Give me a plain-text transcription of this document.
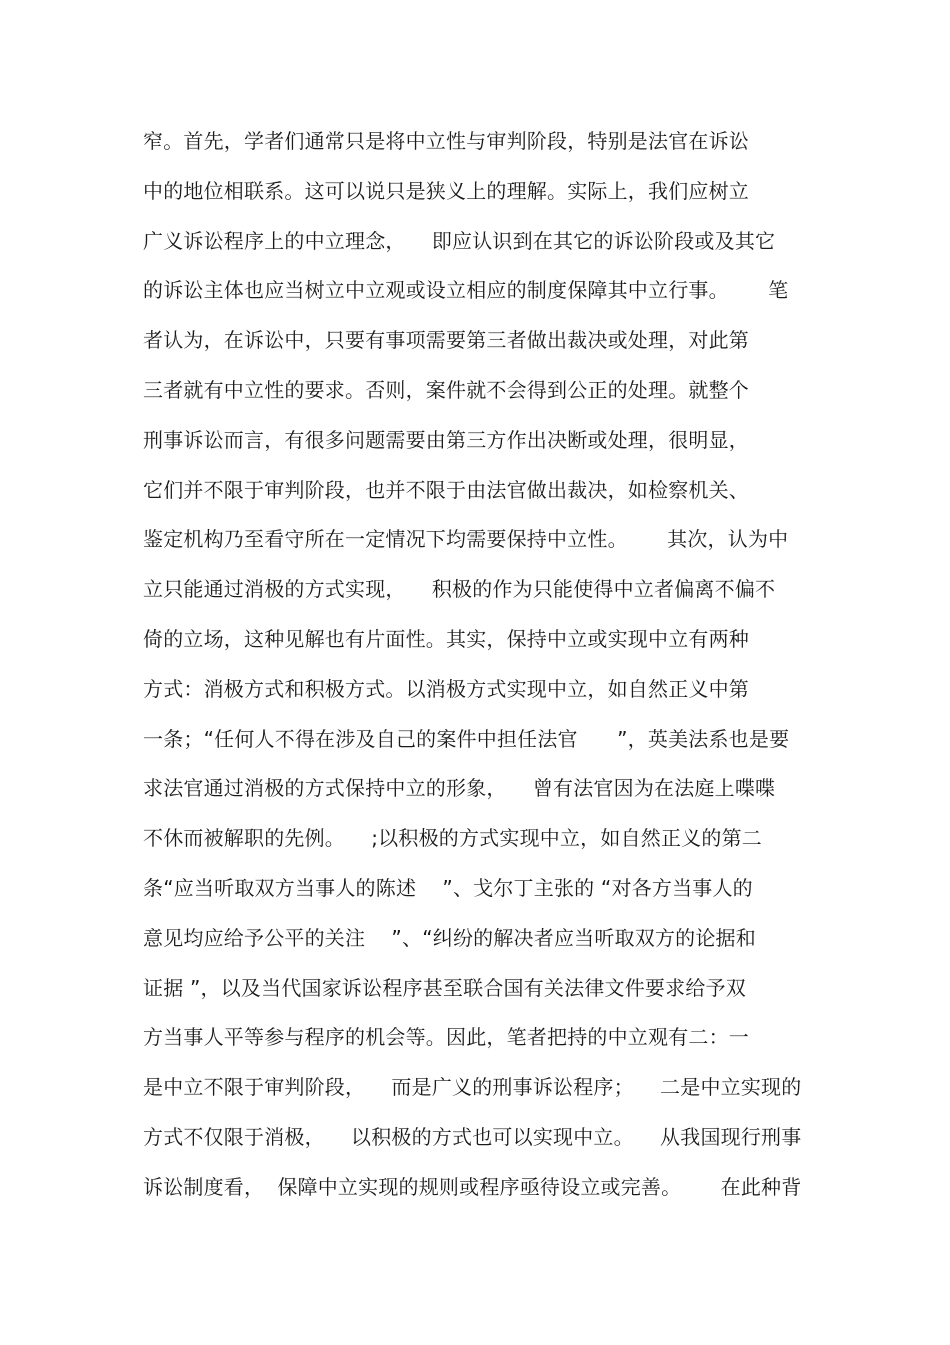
窄。首先，学者们通常只是将中立性与审判阶段，特别是法官在诉讼
中的地位相联系。这可以说只是狭义上的理解。实际上，我们应树立
广义诉讼程序上的中立理念，    即应认识到在其它的诉讼阶段或及其它
的诉讼主体也应当树立中立观或设立相应的制度保障其中立行事。      笔
者认为，在诉讼中，只要有事项需要第三者做出裁决或处理，对此第
三者就有中立性的要求。否则，案件就不会得到公正的处理。就整个
刑事诉讼而言，有很多问题需要由第三方作出决断或处理，很明显，
它们并不限于审判阶段，也并不限于由法官做出裁决，如检察机关、
鉴定机构乃至看守所在一定情况下均需要保持中立性。      其次，认为中
立只能通过消极的方式实现，    积极的作为只能使得中立者偏离不偏不
倚的立场，这种见解也有片面性。其实，保持中立或实现中立有两种
方式：消极方式和积极方式。以消极方式实现中立，如自然正义中第
一条；“任何人不得在涉及自己的案件中担任法官      ”，英美法系也是要
求法官通过消极的方式保持中立的形象，    曾有法官因为在法庭上喋喋
不休而被解职的先例。    ;以积极的方式实现中立，如自然正义的第二
条“应当听取双方当事人的陈述    ”、戈尔丁主张的 “对各方当事人的
意见均应给予公平的关注    ”、“纠纷的解决者应当听取双方的论据和
证据 ”，以及当代国家诉讼程序甚至联合国有关法律文件要求给予双
方当事人平等参与程序的机会等。因此，笔者把持的中立观有二：一
是中立不限于审判阶段，    而是广义的刑事诉讼程序；    二是中立实现的
方式不仅限于消极，    以积极的方式也可以实现中立。    从我国现行刑事
诉讼制度看，  保障中立实现的规则或程序亟待设立或完善。      在此种背
